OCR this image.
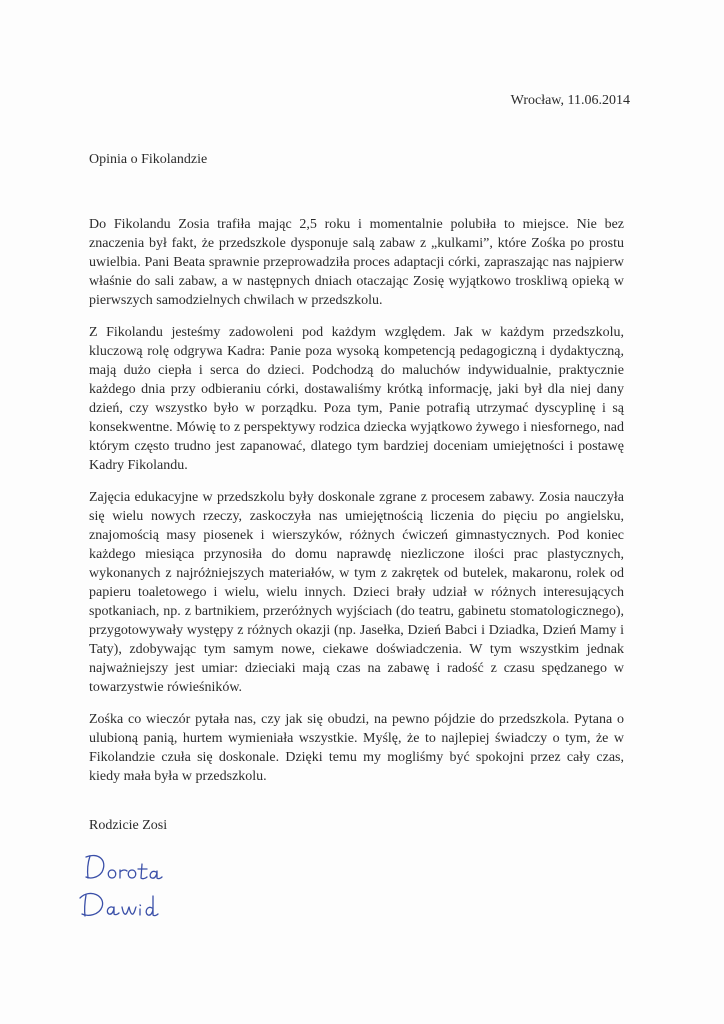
Wrocław, 11.06.2014
Opinia o Fikolandzie

Do Fikolandu Zosia trafiła mając 2,5 roku i momentalnie polubiła to miejsce. Nie bez znaczenia był fakt, że przedszkole dysponuje salą zabaw z „kulkami”, które Zośka po prostu uwielbia. Pani Beata sprawnie przeprowadziła proces adaptacji córki, zapraszając nas najpierw właśnie do sali zabaw, a w następnych dniach otaczając Zosię wyjątkowo troskliwą opieką w pierwszych samodzielnych chwilach w przedszkolu.

Z Fikolandu jesteśmy zadowoleni pod każdym względem. Jak w każdym przedszkolu, kluczową rolę odgrywa Kadra: Panie poza wysoką kompetencją pedagogiczną i dydaktyczną, mają dużo ciepła i serca do dzieci. Podchodzą do maluchów indywidualnie, praktycznie każdego dnia przy odbieraniu córki, dostawaliśmy krótką informację, jaki był dla niej dany dzień, czy wszystko było w porządku. Poza tym, Panie potrafią utrzymać dyscyplinę i są konsekwentne. Mówię to z perspektywy rodzica dziecka wyjątkowo żywego i niesfornego, nad którym często trudno jest zapanować, dlatego tym bardziej doceniam umiejętności i postawę Kadry Fikolandu.

Zajęcia edukacyjne w przedszkolu były doskonale zgrane z procesem zabawy. Zosia nauczyła się wielu nowych rzeczy, zaskoczyła nas umiejętnością liczenia do pięciu po angielsku, znajomością masy piosenek i wierszyków, różnych ćwiczeń gimnastycznych. Pod koniec każdego miesiąca przynosiła do domu naprawdę niezliczone ilości prac plastycznych, wykonanych z najróżniejszych materiałów, w tym z zakrętek od butelek, makaronu, rolek od papieru toaletowego i wielu, wielu innych. Dzieci brały udział w różnych interesujących spotkaniach, np. z bartnikiem, przeróżnych wyjściach (do teatru, gabinetu stomatologicznego), przygotowywały występy z różnych okazji (np. Jasełka, Dzień Babci i Dziadka, Dzień Mamy i Taty), zdobywając tym samym nowe, ciekawe doświadczenia. W tym wszystkim jednak najważniejszy jest umiar: dzieciaki mają czas na zabawę i radość z czasu spędzanego w towarzystwie rówieśników.

Zośka co wieczór pytała nas, czy jak się obudzi, na pewno pójdzie do przedszkola. Pytana o ulubioną panią, hurtem wymieniała wszystkie. Myślę, że to najlepiej świadczy o tym, że w Fikolandzie czuła się doskonale. Dzięki temu my mogliśmy być spokojni przez cały czas, kiedy mała była w przedszkolu.

Rodzicie Zosi
